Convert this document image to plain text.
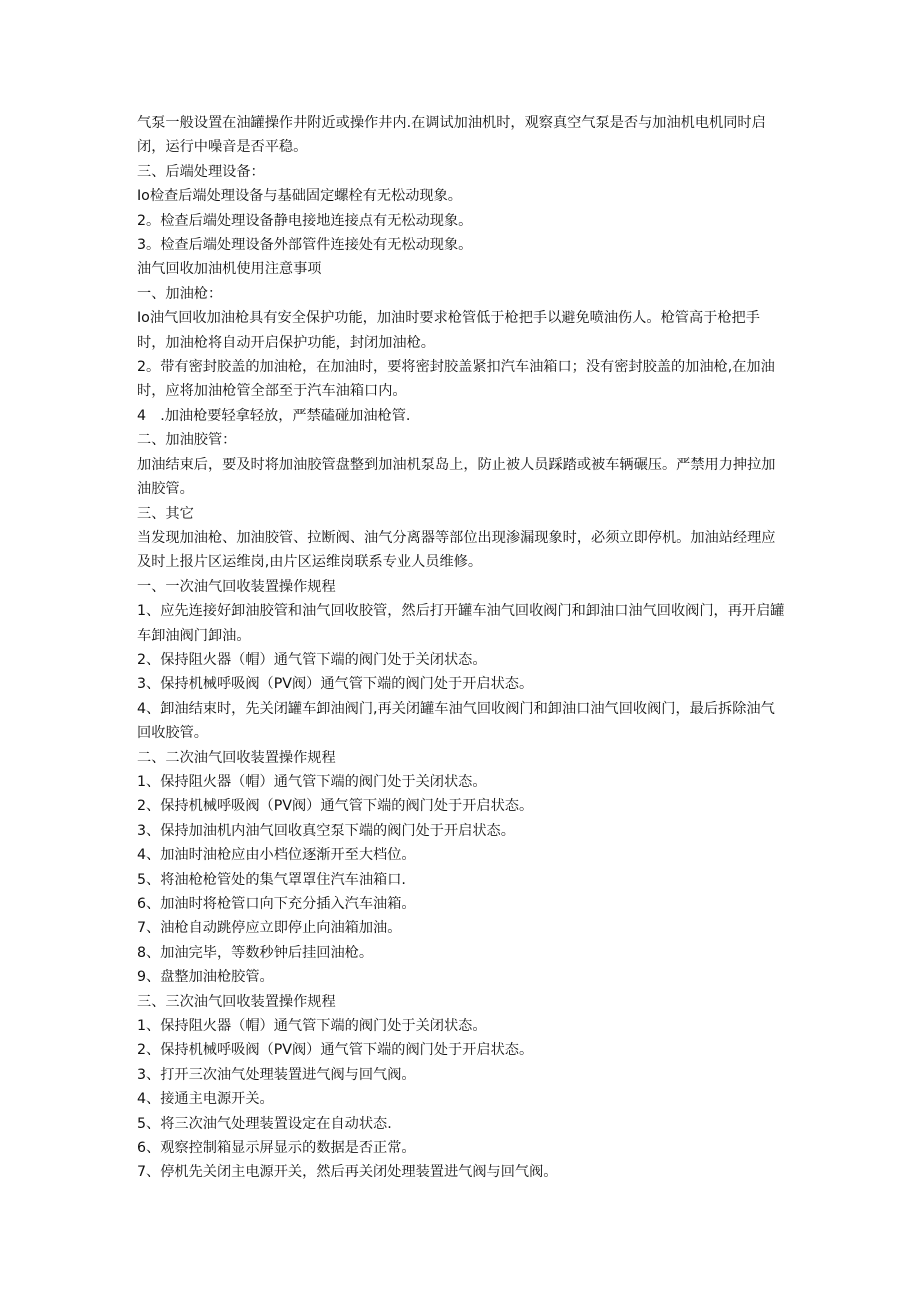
气泵一般设置在油罐操作井附近或操作井内.在调试加油机时，观察真空气泵是否与加油机电机同时启闭，运行中噪音是否平稳。

三、后端处理设备：

Io检查后端处理设备与基础固定螺栓有无松动现象。

2。检查后端处理设备静电接地连接点有无松动现象。

3。检查后端处理设备外部管件连接处有无松动现象。

油气回收加油机使用注意事项

一、加油枪：

Io油气回收加油枪具有安全保护功能，加油时要求枪管低于枪把手以避免喷油伤人。枪管高于枪把手时，加油枪将自动开启保护功能，封闭加油枪。

2。带有密封胶盖的加油枪，在加油时，要将密封胶盖紧扣汽车油箱口；没有密封胶盖的加油枪,在加油时，应将加油枪管全部至于汽车油箱口内。

4　.加油枪要轻拿轻放，严禁磕碰加油枪管.

二、加油胶管：

加油结束后，要及时将加油胶管盘整到加油机泵岛上，防止被人员踩踏或被车辆碾压。严禁用力抻拉加油胶管。

三、其它

当发现加油枪、加油胶管、拉断阀、油气分离器等部位出现渗漏现象时，必须立即停机。加油站经理应及时上报片区运维岗,由片区运维岗联系专业人员维修。

一、一次油气回收装置操作规程

1、应先连接好卸油胶管和油气回收胶管，然后打开罐车油气回收阀门和卸油口油气回收阀门，再开启罐车卸油阀门卸油。

2、保持阻火器（帽）通气管下端的阀门处于关闭状态。

3、保持机械呼吸阀（PV阀）通气管下端的阀门处于开启状态。

4、卸油结束时，先关闭罐车卸油阀门,再关闭罐车油气回收阀门和卸油口油气回收阀门，最后拆除油气回收胶管。

二、二次油气回收装置操作规程

1、保持阻火器（帽）通气管下端的阀门处于关闭状态。

2、保持机械呼吸阀（PV阀）通气管下端的阀门处于开启状态。

3、保持加油机内油气回收真空泵下端的阀门处于开启状态。

4、加油时油枪应由小档位逐渐开至大档位。

5、将油枪枪管处的集气罩罩住汽车油箱口.

6、加油时将枪管口向下充分插入汽车油箱。

7、油枪自动跳停应立即停止向油箱加油。

8、加油完毕，等数秒钟后挂回油枪。

9、盘整加油枪胶管。

三、三次油气回收装置操作规程

1、保持阻火器（帽）通气管下端的阀门处于关闭状态。

2、保持机械呼吸阀（PV阀）通气管下端的阀门处于开启状态。

3、打开三次油气处理装置进气阀与回气阀。

4、接通主电源开关。

5、将三次油气处理装置设定在自动状态.

6、观察控制箱显示屏显示的数据是否正常。

7、停机先关闭主电源开关，然后再关闭处理装置进气阀与回气阀。
